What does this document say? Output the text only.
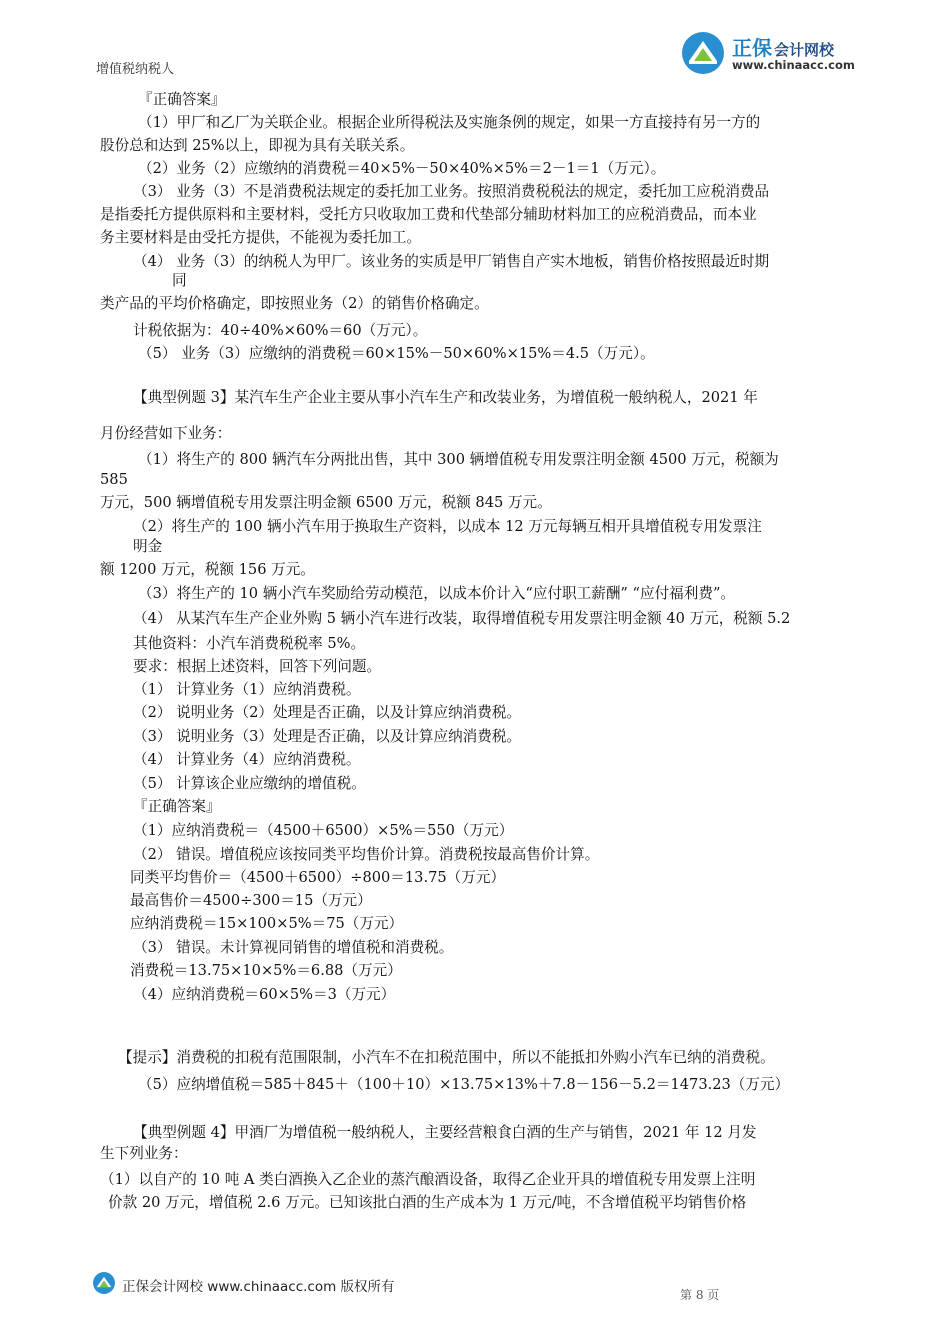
增值税纳税人
正保 会计网校
www.chinaacc.com
『正确答案』
（1）甲厂和乙厂为关联企业。根据企业所得税法及实施条例的规定，如果一方直接持有另一方的
股份总和达到 25%以上，即视为具有关联关系。
（2）业务（2）应缴纳的消费税＝40×5%－50×40%×5%＝2－1＝1（万元）。
（3） 业务（3）不是消费税法规定的委托加工业务。按照消费税税法的规定，委托加工应税消费品
是指委托方提供原料和主要材料，受托方只收取加工费和代垫部分辅助材料加工的应税消费品，而本业
务主要材料是由受托方提供，不能视为委托加工。
（4） 业务（3）的纳税人为甲厂。该业务的实质是甲厂销售自产实木地板，销售价格按照最近时期
同
类产品的平均价格确定，即按照业务（2）的销售价格确定。
计税依据为：40÷40%×60%＝60（万元）。
（5） 业务（3）应缴纳的消费税＝60×15%－50×60%×15%＝4.5（万元）。
【典型例题 3】某汽车生产企业主要从事小汽车生产和改装业务，为增值税一般纳税人，2021 年
月份经营如下业务：
（1）将生产的 800 辆汽车分两批出售，其中 300 辆增值税专用发票注明金额 4500 万元，税额为
585
万元，500 辆增值税专用发票注明金额 6500 万元，税额 845 万元。
（2）将生产的 100 辆小汽车用于换取生产资料，以成本 12 万元每辆互相开具增值税专用发票注
明金
额 1200 万元，税额 156 万元。
（3）将生产的 10 辆小汽车奖励给劳动模范，以成本价计入“应付职工薪酬” “应付福利费”。
（4） 从某汽车生产企业外购 5 辆小汽车进行改装，取得增值税专用发票注明金额 40 万元，税额 5.2
其他资料：小汽车消费税税率 5%。
要求：根据上述资料，回答下列问题。
（1） 计算业务（1）应纳消费税。
（2） 说明业务（2）处理是否正确，以及计算应纳消费税。
（3） 说明业务（3）处理是否正确，以及计算应纳消费税。
（4） 计算业务（4）应纳消费税。
（5） 计算该企业应缴纳的增值税。
『正确答案』
（1）应纳消费税＝（4500＋6500）×5%＝550（万元）
（2） 错误。增值税应该按同类平均售价计算。消费税按最高售价计算。
同类平均售价＝（4500＋6500）÷800＝13.75（万元）
最高售价＝4500÷300＝15（万元）
应纳消费税＝15×100×5%＝75（万元）
（3） 错误。未计算视同销售的增值税和消费税。
消费税＝13.75×10×5%＝6.88（万元）
（4）应纳消费税＝60×5%＝3（万元）
【提示】消费税的扣税有范围限制，小汽车不在扣税范围中，所以不能抵扣外购小汽车已纳的消费税。
（5）应纳增值税＝585＋845＋（100＋10）×13.75×13%＋7.8－156－5.2＝1473.23（万元）
【典型例题 4】甲酒厂为增值税一般纳税人，主要经营粮食白酒的生产与销售，2021 年 12 月发
生下列业务：
（1）以自产的 10 吨 A 类白酒换入乙企业的蒸汽酿酒设备，取得乙企业开具的增值税专用发票上注明
价款 20 万元，增值税 2.6 万元。已知该批白酒的生产成本为 1 万元/吨，不含增值税平均销售价格
正保会计网校 www.chinaacc.com 版权所有	第 8 页
